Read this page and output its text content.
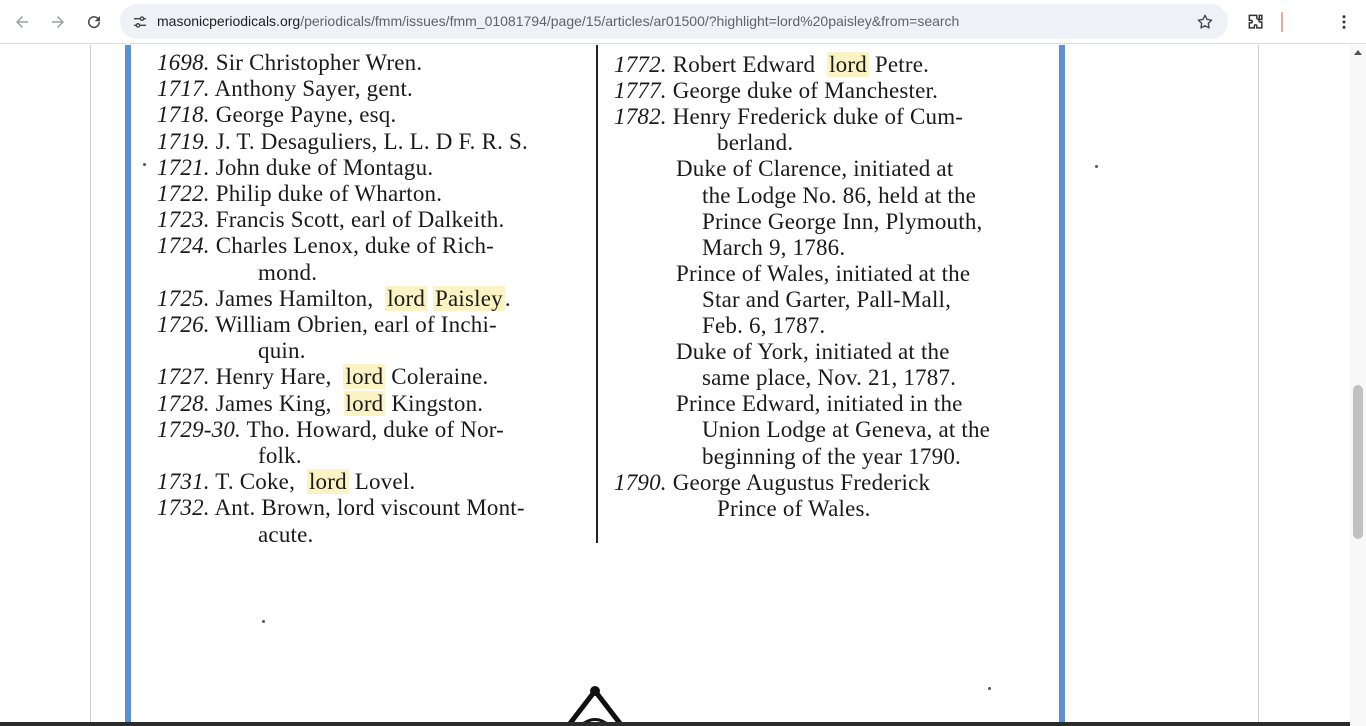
masonicperiodicals.org/periodicals/fmm/issues/fmm_01081794/page/15/articles/ar01500/?highlight=lord%20paisley&from=search
1698. Sir Christopher Wren.
1717. Anthony Sayer, gent.
1718. George Payne, esq.
1719. J. T. Desaguliers, L. L. D F. R. S.
1721. John duke of Montagu.
1722. Philip duke of Wharton.
1723. Francis Scott, earl of Dalkeith.
1724. Charles Lenox, duke of Rich-
mond.
1725. James Hamilton, lord Paisley.
1726. William Obrien, earl of Inchi-
quin.
1727. Henry Hare, lord Coleraine.
1728. James King, lord Kingston.
1729-30. Tho. Howard, duke of Nor-
folk.
1731. T. Coke, lord Lovel.
1732. Ant. Brown, lord viscount Mont-
acute.
1772. Robert Edward lord Petre.
1777. George duke of Manchester.
1782. Henry Frederick duke of Cum-
berland.
Duke of Clarence, initiated at
the Lodge No. 86, held at the
Prince George Inn, Plymouth,
March 9, 1786.
Prince of Wales, initiated at the
Star and Garter, Pall-Mall,
Feb. 6, 1787.
Duke of York, initiated at the
same place, Nov. 21, 1787.
Prince Edward, initiated in the
Union Lodge at Geneva, at the
beginning of the year 1790.
1790. George Augustus Frederick
Prince of Wales.
